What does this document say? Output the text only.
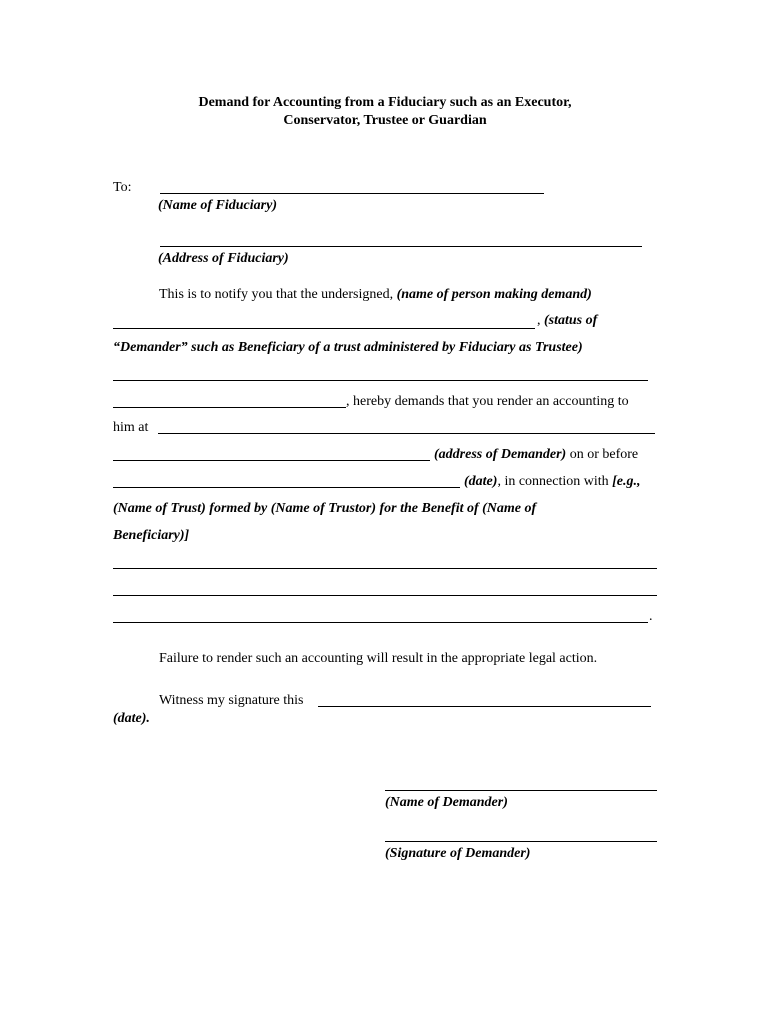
Demand for Accounting from a Fiduciary such as an Executor,
Conservator, Trustee or Guardian
To:
(Name of Fiduciary)
(Address of Fiduciary)
This is to notify you that the undersigned, (name of person making demand)
, (status of
“Demander” such as Beneficiary of a trust administered by Fiduciary as Trustee)
, hereby demands that you render an accounting to
him at
(address of Demander) on or before
(date), in connection with [e.g.,
(Name of Trust) formed by (Name of Trustor) for the Benefit of (Name of
Beneficiary)]
.
Failure to render such an accounting will result in the appropriate legal action.
Witness my signature this
(date).
(Name of Demander)
(Signature of Demander)
